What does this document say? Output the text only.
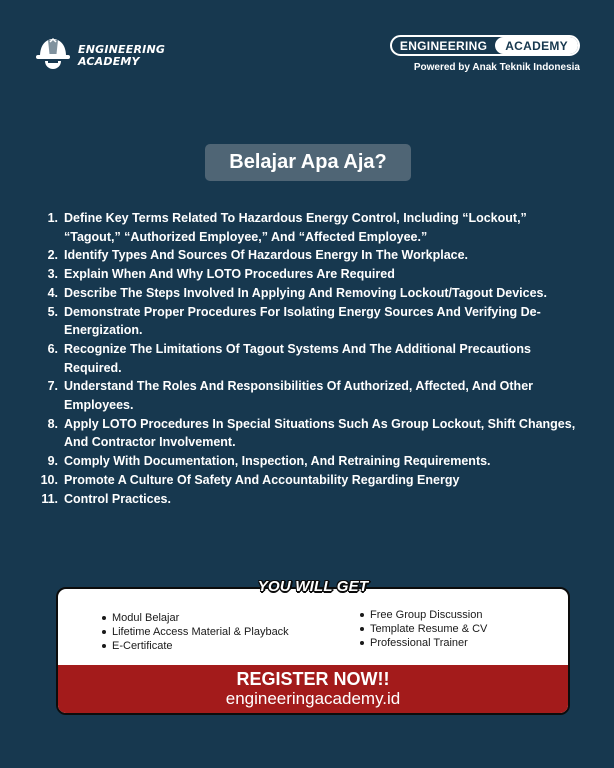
ENGINEERING
ACADEMY
ENGINEERING	ACADEMY
Powered by Anak Teknik Indonesia
Belajar Apa Aja?
1. Define Key Terms Related To Hazardous Energy Control, Including “Lockout,” “Tagout,” “Authorized Employee,” And “Affected Employee.”
2. Identify Types And Sources Of Hazardous Energy In The Workplace.
3. Explain When And Why LOTO Procedures Are Required
4. Describe The Steps Involved In Applying And Removing Lockout/Tagout Devices.
5. Demonstrate Proper Procedures For Isolating Energy Sources And Verifying De-Energization.
6. Recognize The Limitations Of Tagout Systems And The Additional Precautions Required.
7. Understand The Roles And Responsibilities Of Authorized, Affected, And Other Employees.
8. Apply LOTO Procedures In Special Situations Such As Group Lockout, Shift Changes, And Contractor Involvement.
9. Comply With Documentation, Inspection, And Retraining Requirements.
10. Promote A Culture Of Safety And Accountability Regarding Energy
11. Control Practices.
YOU WILL GET
Modul Belajar
Lifetime Access Material & Playback
E-Certificate
Free Group Discussion
Template Resume & CV
Professional Trainer
REGISTER NOW!!
engineeringacademy.id
